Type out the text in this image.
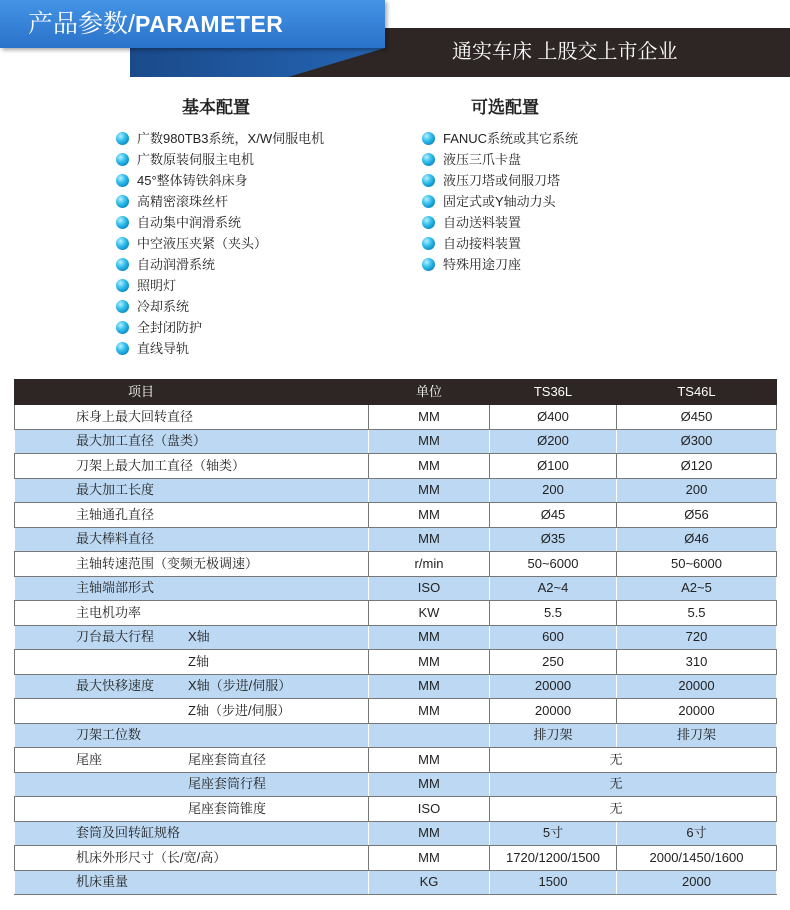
产品参数/PARAMETER
通实车床 上股交上市企业
基本配置	可选配置
广数980TB3系统，X/W伺服电机
广数原装伺服主电机
45°整体铸铁斜床身
高精密滚珠丝杆
自动集中润滑系统
中空液压夹紧（夹头）
自动润滑系统
照明灯
冷却系统
全封闭防护
直线导轨
FANUC系统或其它系统
液压三爪卡盘
液压刀塔或伺服刀塔
固定式或Y轴动力头
自动送料装置
自动接料装置
特殊用途刀座
项目	单位	TS36L	TS46L
床身上最大回转直径	MM	Ø400	Ø450
最大加工直径（盘类）	MM	Ø200	Ø300
刀架上最大加工直径（轴类）	MM	Ø100	Ø120
最大加工长度	MM	200	200
主轴通孔直径	MM	Ø45	Ø56
最大棒料直径	MM	Ø35	Ø46
主轴转速范围（变频无极调速）	r/min	50~6000	50~6000
主轴端部形式	ISO	A2~4	A2~5
主电机功率	KW	5.5	5.5
刀台最大行程 X轴	MM	600	720
Z轴	MM	250	310
最大快移速度 X轴（步进/伺服）	MM	20000	20000
Z轴（步进/伺服）	MM	20000	20000
刀架工位数		排刀架	排刀架
尾座 尾座套筒直径	MM	无	
尾座套筒行程	MM	无	
尾座套筒锥度	ISO	无	
套筒及回转缸规格	MM	5寸	6寸
机床外形尺寸（长/宽/高）	MM	1720/1200/1500	2000/1450/1600
机床重量	KG	1500	2000
